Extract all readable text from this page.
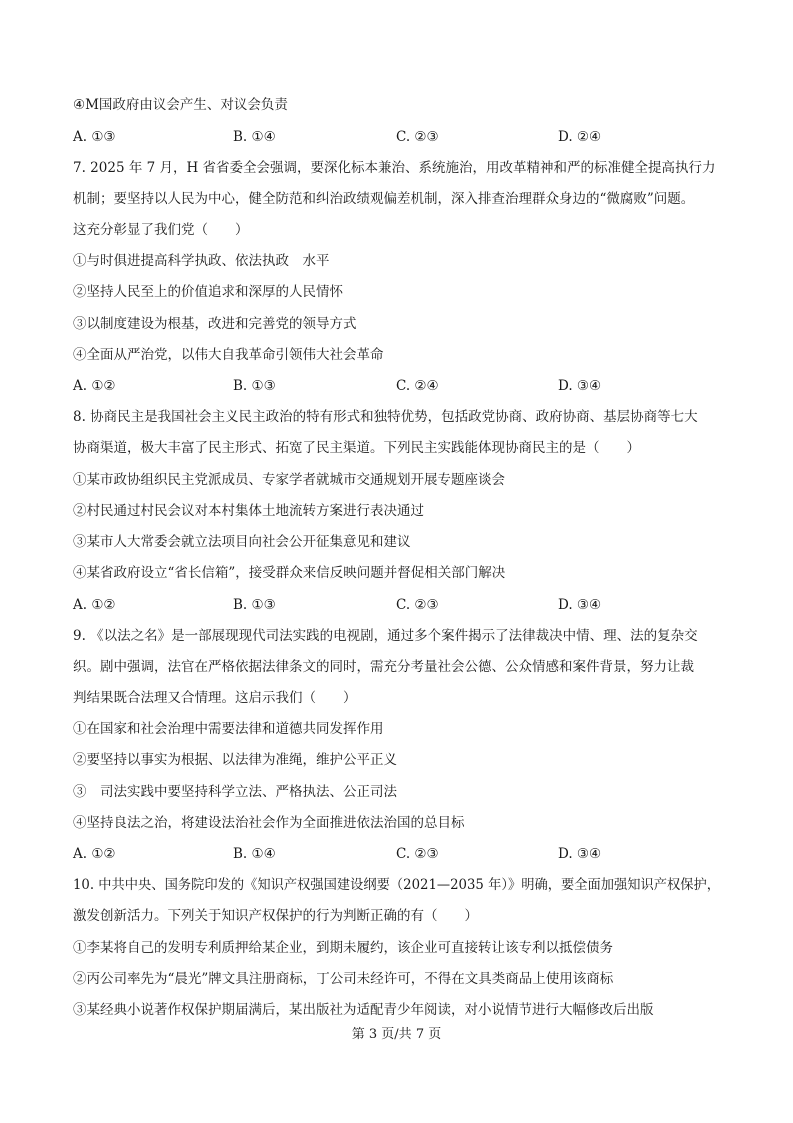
④M国政府由议会产生、对议会负责
A. ①③	B. ①④	C. ②③	D. ②④
7. 2025 年 7 月，H 省省委全会强调，要深化标本兼治、系统施治，用改革精神和严的标准健全提高执行力
机制；要坚持以人民为中心，健全防范和纠治政绩观偏差机制，深入排查治理群众身边的“微腐败”问题。
这充分彰显了我们党（　　）
①与时俱进提高科学执政、依法执政　水平
②坚持人民至上的价值追求和深厚的人民情怀
③以制度建设为根基，改进和完善党的领导方式
④全面从严治党，以伟大自我革命引领伟大社会革命
A. ①②	B. ①③	C. ②④	D. ③④
8. 协商民主是我国社会主义民主政治的特有形式和独特优势，包括政党协商、政府协商、基层协商等七大
协商渠道，极大丰富了民主形式、拓宽了民主渠道。下列民主实践能体现协商民主的是（　　）
①某市政协组织民主党派成员、专家学者就城市交通规划开展专题座谈会
②村民通过村民会议对本村集体土地流转方案进行表决通过
③某市人大常委会就立法项目向社会公开征集意见和建议
④某省政府设立“省长信箱”，接受群众来信反映问题并督促相关部门解决
A. ①②	B. ①③	C. ②③	D. ③④
9. 《以法之名》是一部展现现代司法实践的电视剧，通过多个案件揭示了法律裁决中情、理、法的复杂交
织。剧中强调，法官在严格依据法律条文的同时，需充分考量社会公德、公众情感和案件背景，努力让裁
判结果既合法理又合情理。这启示我们（　　）
①在国家和社会治理中需要法律和道德共同发挥作用
②要坚持以事实为根据、以法律为准绳，维护公平正义
③　司法实践中要坚持科学立法、严格执法、公正司法
④坚持良法之治，将建设法治社会作为全面推进依法治国的总目标
A. ①②	B. ①④	C. ②③	D. ③④
10. 中共中央、国务院印发的《知识产权强国建设纲要（2021—2035 年）》明确，要全面加强知识产权保护，
激发创新活力。下列关于知识产权保护的行为判断正确的有（　　）
①李某将自己的发明专利质押给某企业，到期未履约，该企业可直接转让该专利以抵偿债务
②丙公司率先为“晨光”牌文具注册商标，丁公司未经许可，不得在文具类商品上使用该商标
③某经典小说著作权保护期届满后，某出版社为适配青少年阅读，对小说情节进行大幅修改后出版
第 3 页/共 7 页
